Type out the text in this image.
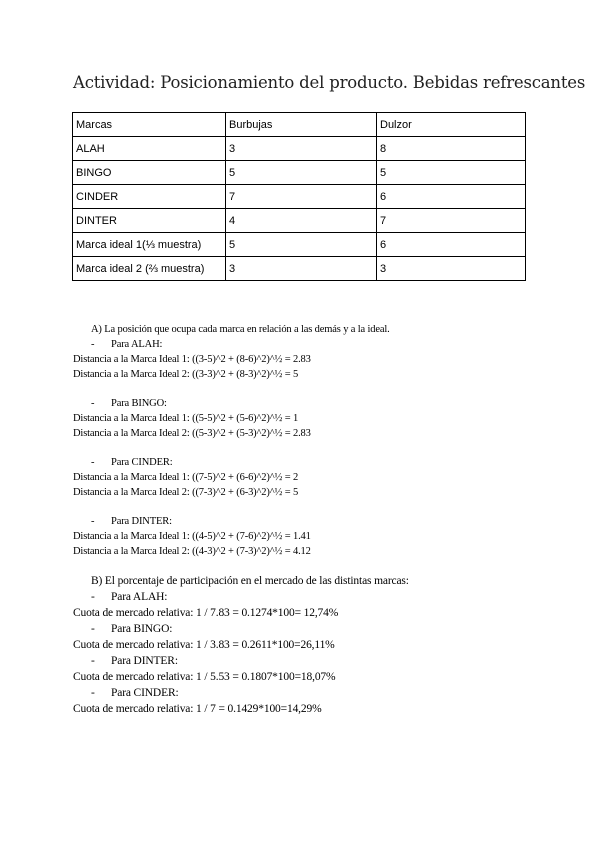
Actividad: Posicionamiento del producto. Bebidas refrescantes
Marcas	Burbujas	Dulzor
ALAH	3	8
BINGO	5	5
CINDER	7	6
DINTER	4	7
Marca ideal 1(⅓ muestra)	5	6
Marca ideal 2 (⅔ muestra)	3	3
A) La posición que ocupa cada marca en relación a las demás y a la ideal.
- Para ALAH:
Distancia a la Marca Ideal 1: ((3-5)^2 + (8-6)^2)^½ = 2.83
Distancia a la Marca Ideal 2: ((3-3)^2 + (8-3)^2)^½ = 5
- Para BINGO:
Distancia a la Marca Ideal 1: ((5-5)^2 + (5-6)^2)^½ = 1
Distancia a la Marca Ideal 2: ((5-3)^2 + (5-3)^2)^½ = 2.83
- Para CINDER:
Distancia a la Marca Ideal 1: ((7-5)^2 + (6-6)^2)^½ = 2
Distancia a la Marca Ideal 2: ((7-3)^2 + (6-3)^2)^½ = 5
- Para DINTER:
Distancia a la Marca Ideal 1: ((4-5)^2 + (7-6)^2)^½ = 1.41
Distancia a la Marca Ideal 2: ((4-3)^2 + (7-3)^2)^½ = 4.12
B) El porcentaje de participación en el mercado de las distintas marcas:
- Para ALAH:
Cuota de mercado relativa: 1 / 7.83 = 0.1274*100= 12,74%
- Para BINGO:
Cuota de mercado relativa: 1 / 3.83 = 0.2611*100=26,11%
- Para DINTER:
Cuota de mercado relativa: 1 / 5.53 = 0.1807*100=18,07%
- Para CINDER:
Cuota de mercado relativa: 1 / 7 = 0.1429*100=14,29%
